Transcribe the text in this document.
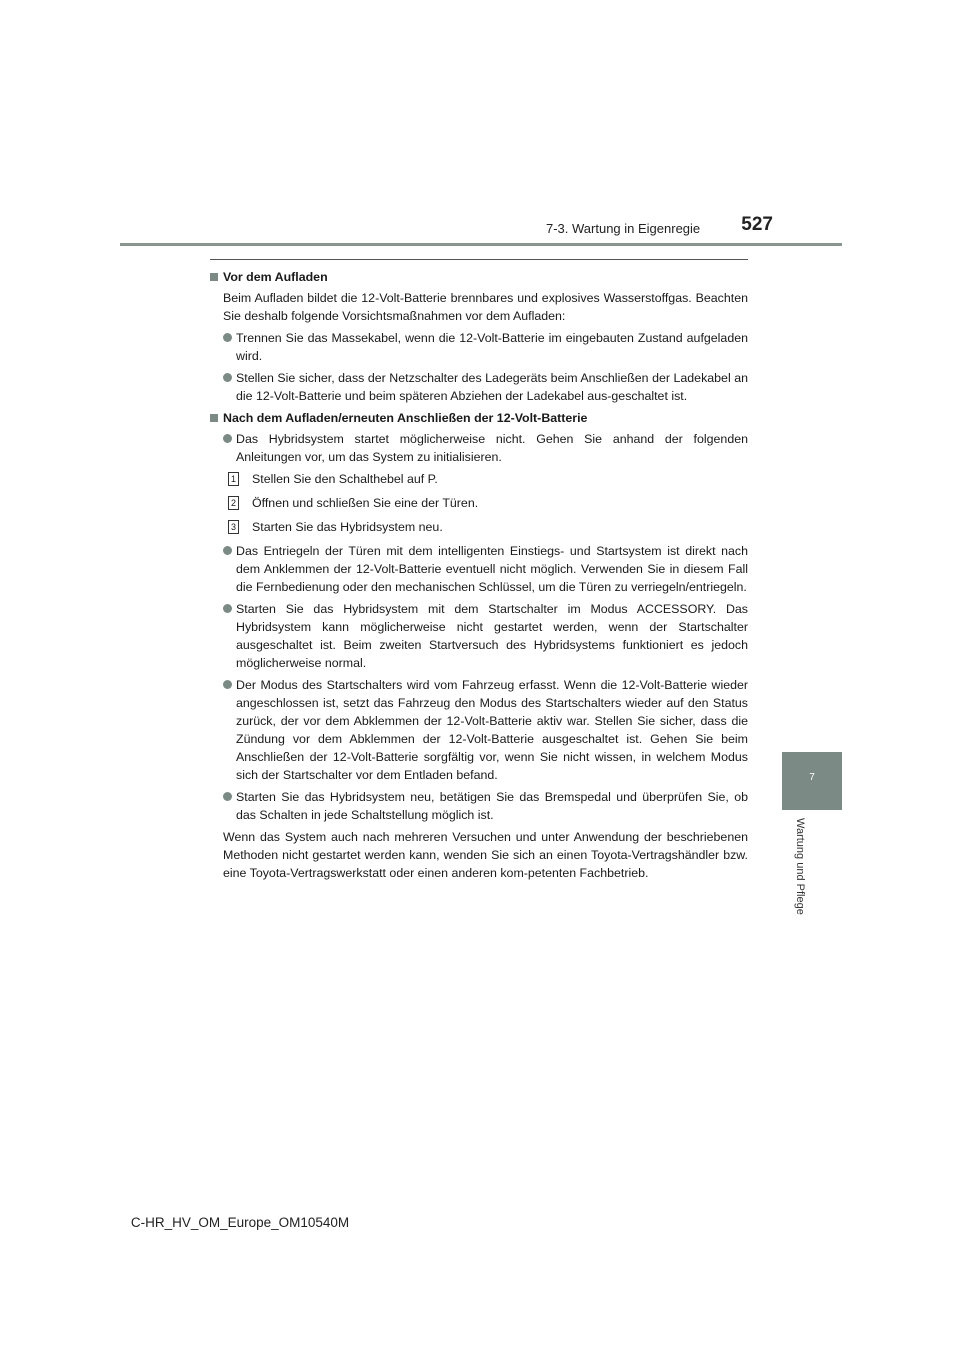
7-3. Wartung in Eigenregie	527
7
Wartung und Pflege
Vor dem Aufladen
Beim Aufladen bildet die 12-Volt-Batterie brennbares und explosives Wasserstoffgas. Beachten Sie deshalb folgende Vorsichtsmaßnahmen vor dem Aufladen:
Trennen Sie das Massekabel, wenn die 12-Volt-Batterie im eingebauten Zustand aufgeladen wird.
Stellen Sie sicher, dass der Netzschalter des Ladegeräts beim Anschließen der Ladekabel an die 12-Volt-Batterie und beim späteren Abziehen der Ladekabel aus-geschaltet ist.
Nach dem Aufladen/erneuten Anschließen der 12-Volt-Batterie
Das Hybridsystem startet möglicherweise nicht. Gehen Sie anhand der folgenden Anleitungen vor, um das System zu initialisieren.
1 Stellen Sie den Schalthebel auf P.
2 Öffnen und schließen Sie eine der Türen.
3 Starten Sie das Hybridsystem neu.
Das Entriegeln der Türen mit dem intelligenten Einstiegs- und Startsystem ist direkt nach dem Anklemmen der 12-Volt-Batterie eventuell nicht möglich. Verwenden Sie in diesem Fall die Fernbedienung oder den mechanischen Schlüssel, um die Türen zu verriegeln/entriegeln.
Starten Sie das Hybridsystem mit dem Startschalter im Modus ACCESSORY. Das Hybridsystem kann möglicherweise nicht gestartet werden, wenn der Startschalter ausgeschaltet ist. Beim zweiten Startversuch des Hybridsystems funktioniert es jedoch möglicherweise normal.
Der Modus des Startschalters wird vom Fahrzeug erfasst. Wenn die 12-Volt-Batterie wieder angeschlossen ist, setzt das Fahrzeug den Modus des Startschalters wieder auf den Status zurück, der vor dem Abklemmen der 12-Volt-Batterie aktiv war. Stellen Sie sicher, dass die Zündung vor dem Abklemmen der 12-Volt-Batterie ausgeschaltet ist. Gehen Sie beim Anschließen der 12-Volt-Batterie sorgfältig vor, wenn Sie nicht wissen, in welchem Modus sich der Startschalter vor dem Entladen befand.
Starten Sie das Hybridsystem neu, betätigen Sie das Bremspedal und überprüfen Sie, ob das Schalten in jede Schaltstellung möglich ist.
Wenn das System auch nach mehreren Versuchen und unter Anwendung der beschriebenen Methoden nicht gestartet werden kann, wenden Sie sich an einen Toyota-Vertragshändler bzw. eine Toyota-Vertragswerkstatt oder einen anderen kom-petenten Fachbetrieb.
C-HR_HV_OM_Europe_OM10540M
